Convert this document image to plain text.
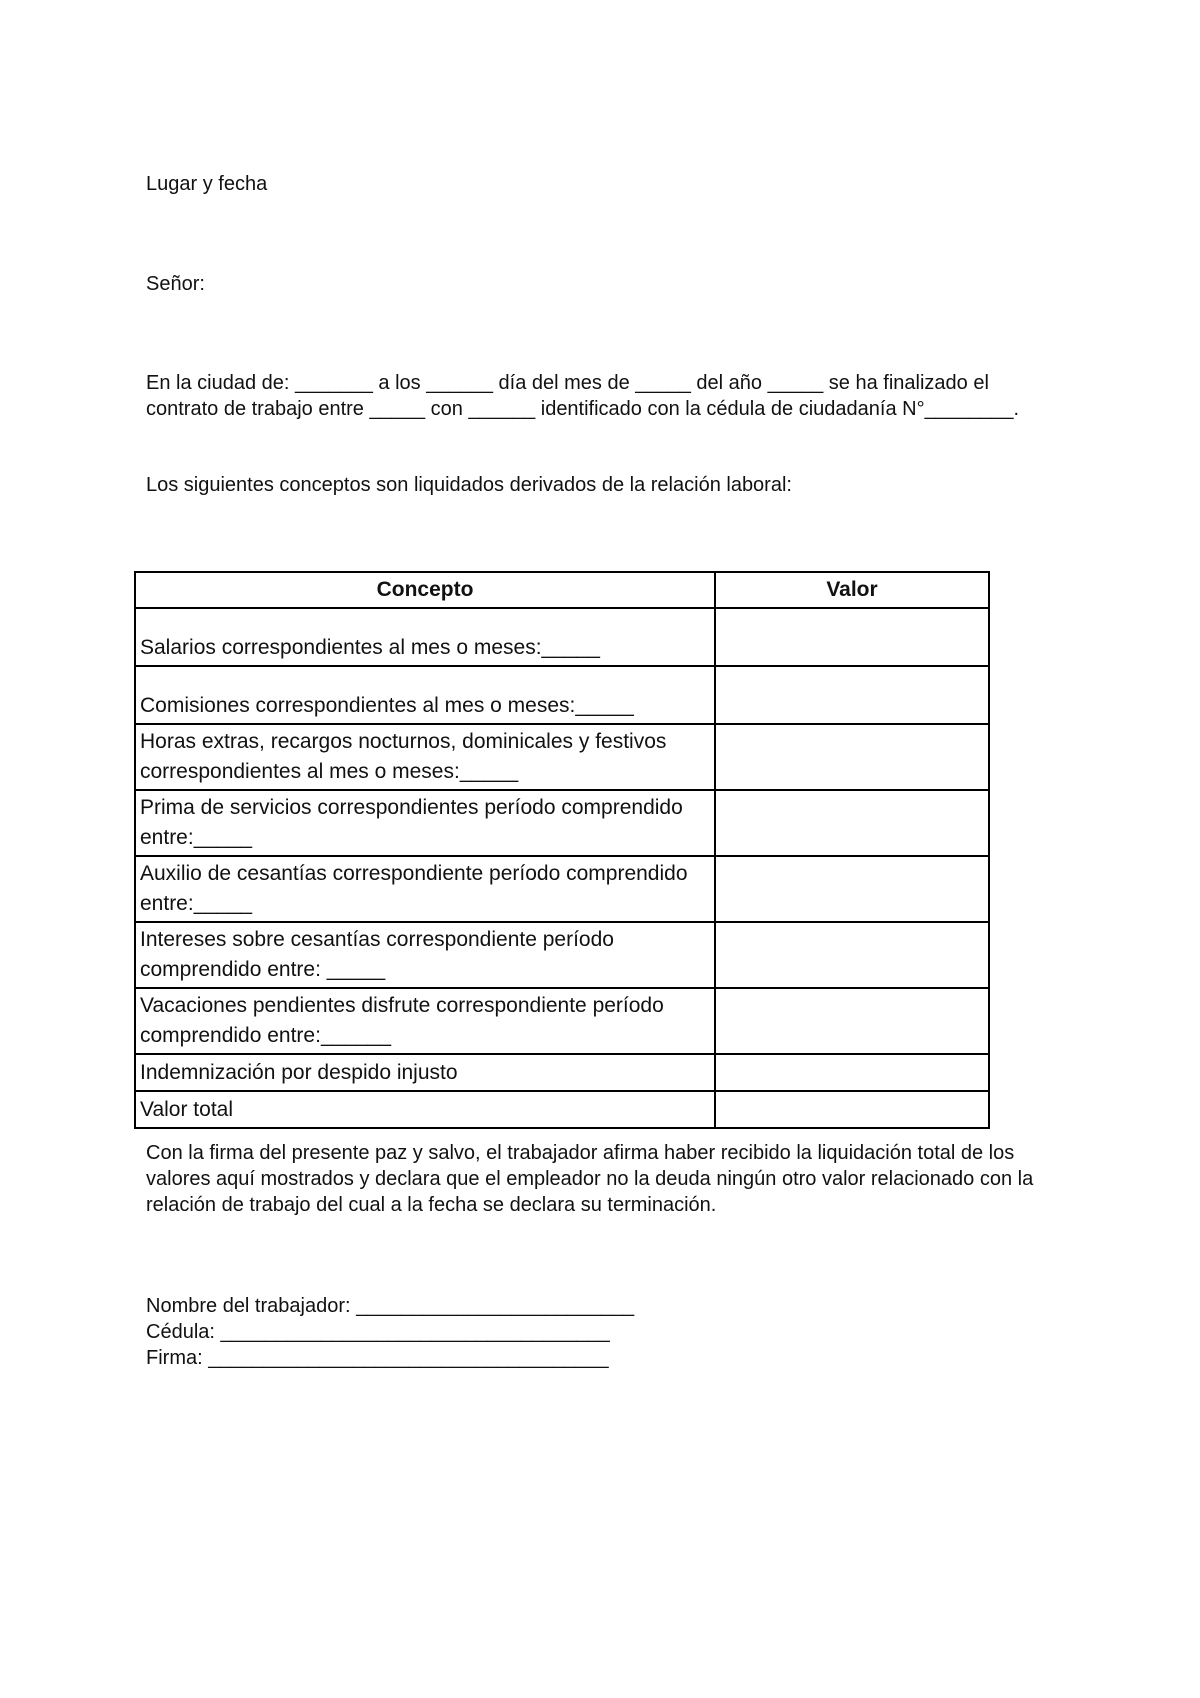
Lugar y fecha

Señor:

En la ciudad de: _______ a los ______ día del mes de _____ del año _____ se ha finalizado el contrato de trabajo entre _____ con ______ identificado con la cédula de ciudadanía N°________.

Los siguientes conceptos son liquidados derivados de la relación laboral:

Concepto	Valor
Salarios correspondientes al mes o meses:_____	
Comisiones correspondientes al mes o meses:_____	
Horas extras, recargos nocturnos, dominicales y festivos correspondientes al mes o meses:_____	
Prima de servicios correspondientes período comprendido entre:_____	
Auxilio de cesantías correspondiente período comprendido entre:_____	
Intereses sobre cesantías correspondiente período comprendido entre: _____	
Vacaciones pendientes disfrute correspondiente período comprendido entre:______	
Indemnización por despido injusto	
Valor total	

Con la firma del presente paz y salvo, el trabajador afirma haber recibido la liquidación total de los valores aquí mostrados y declara que el empleador no la deuda ningún otro valor relacionado con la relación de trabajo del cual a la fecha se declara su terminación.

Nombre del trabajador: _________________________
Cédula: ___________________________________
Firma: ____________________________________
